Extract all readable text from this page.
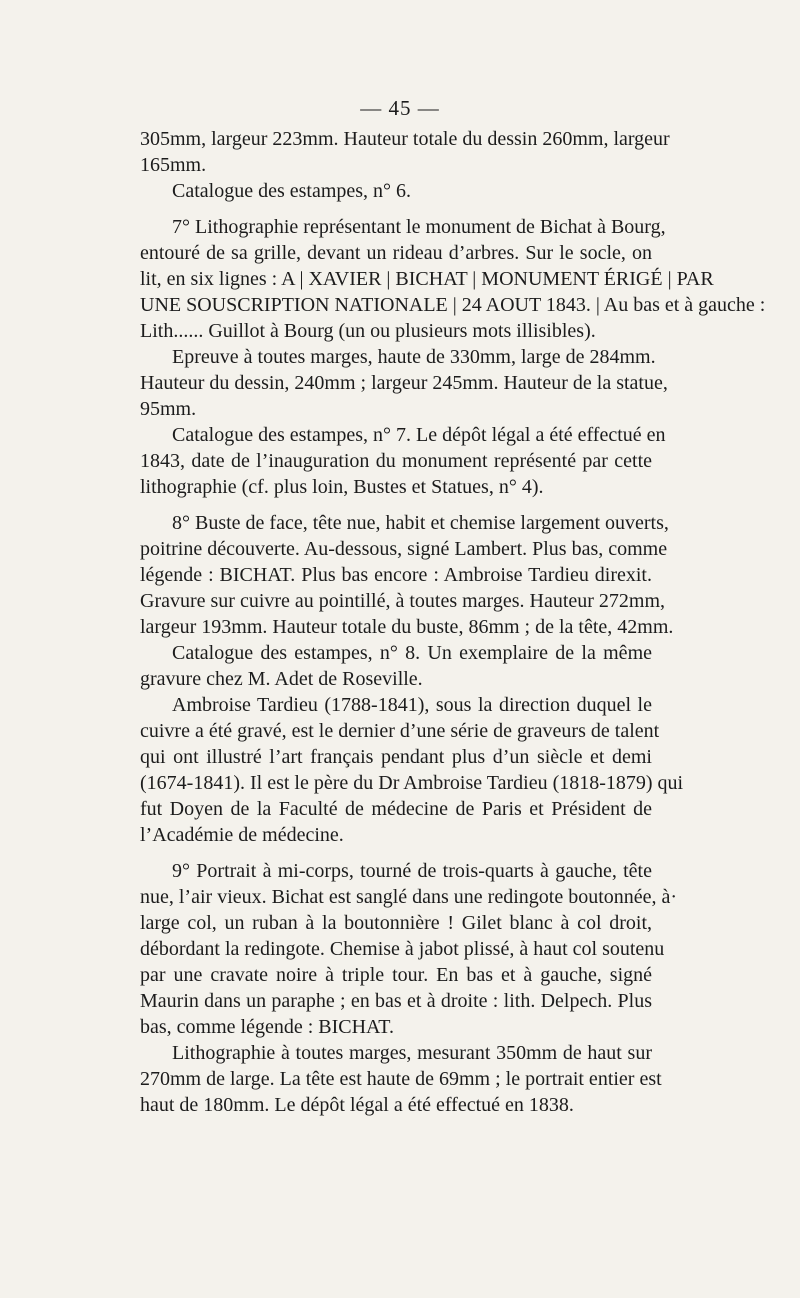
— 45 —
305mm, largeur 223mm. Hauteur totale du dessin 260mm, largeur
165mm.
Catalogue des estampes, n° 6.
7° Lithographie représentant le monument de Bichat à Bourg,
entouré de sa grille, devant un rideau d’arbres. Sur le socle, on
lit, en six lignes : A | XAVIER | BICHAT | MONUMENT ÉRIGÉ | PAR
UNE SOUSCRIPTION NATIONALE | 24 AOUT 1843. | Au bas et à gauche :
Lith...... Guillot à Bourg (un ou plusieurs mots illisibles).
Epreuve à toutes marges, haute de 330mm, large de 284mm.
Hauteur du dessin, 240mm ; largeur 245mm. Hauteur de la statue,
95mm.
Catalogue des estampes, n° 7. Le dépôt légal a été effectué en
1843, date de l’inauguration du monument représenté par cette
lithographie (cf. plus loin, Bustes et Statues, n° 4).
8° Buste de face, tête nue, habit et chemise largement ouverts,
poitrine découverte. Au-dessous, signé Lambert. Plus bas, comme
légende : BICHAT. Plus bas encore : Ambroise Tardieu direxit.
Gravure sur cuivre au pointillé, à toutes marges. Hauteur 272mm,
largeur 193mm. Hauteur totale du buste, 86mm ; de la tête, 42mm.
Catalogue des estampes, n° 8. Un exemplaire de la même
gravure chez M. Adet de Roseville.
Ambroise Tardieu (1788-1841), sous la direction duquel le
cuivre a été gravé, est le dernier d’une série de graveurs de talent
qui ont illustré l’art français pendant plus d’un siècle et demi
(1674-1841). Il est le père du Dr Ambroise Tardieu (1818-1879) qui
fut Doyen de la Faculté de médecine de Paris et Président de
l’Académie de médecine.
9° Portrait à mi-corps, tourné de trois-quarts à gauche, tête
nue, l’air vieux. Bichat est sanglé dans une redingote boutonnée, à·
large col, un ruban à la boutonnière ! Gilet blanc à col droit,
débordant la redingote. Chemise à jabot plissé, à haut col soutenu
par une cravate noire à triple tour. En bas et à gauche, signé
Maurin dans un paraphe ; en bas et à droite : lith. Delpech. Plus
bas, comme légende : BICHAT.
Lithographie à toutes marges, mesurant 350mm de haut sur
270mm de large. La tête est haute de 69mm ; le portrait entier est
haut de 180mm. Le dépôt légal a été effectué en 1838.
